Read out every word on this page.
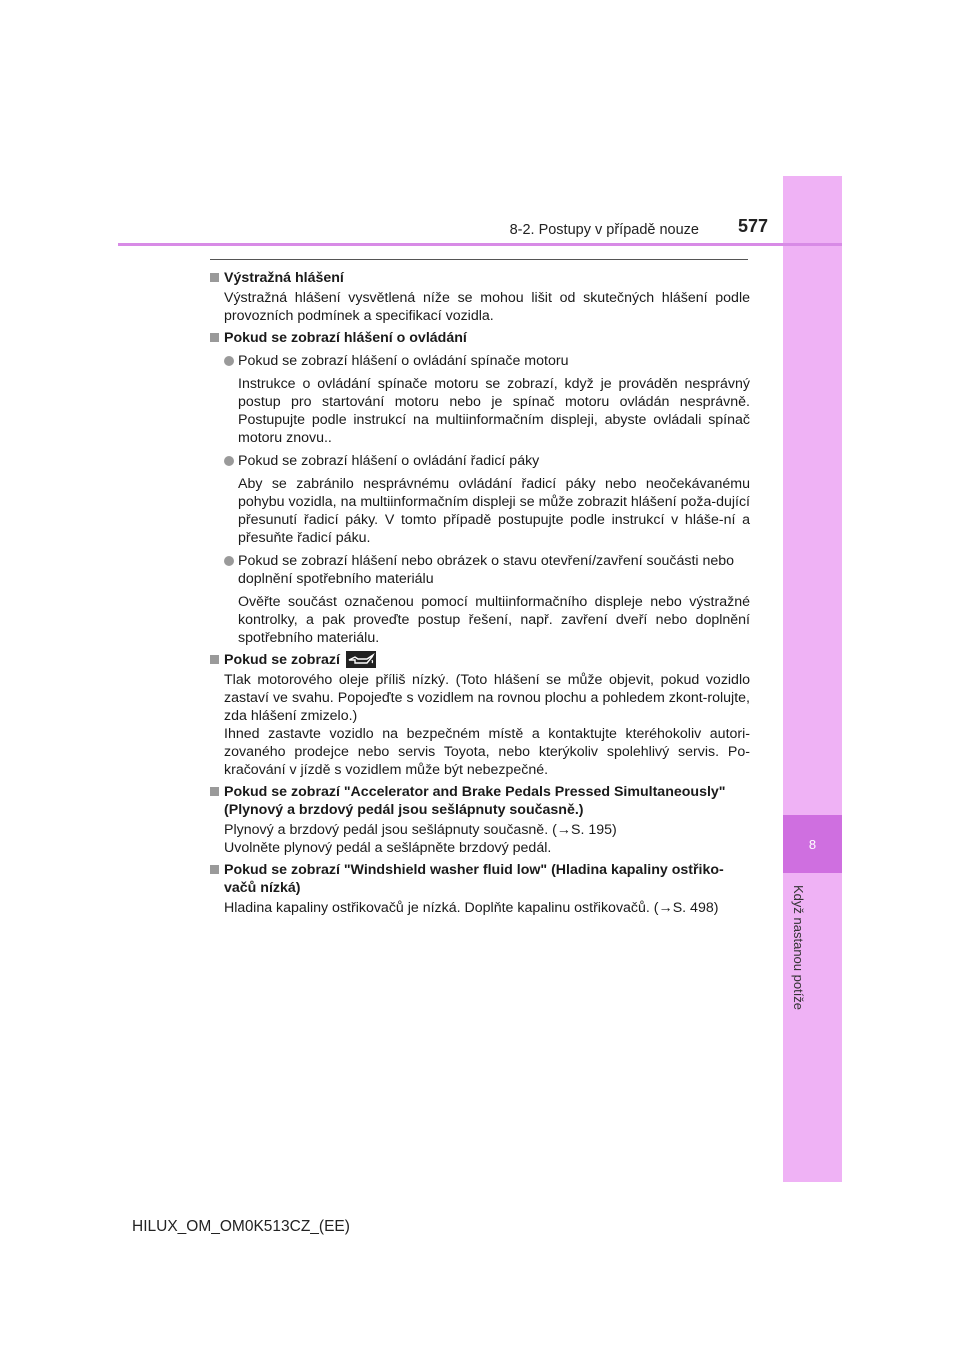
8
Když nastanou potíže
8-2. Postupy v případě nouze 577
Výstražná hlášení
Výstražná hlášení vysvětlená níže se mohou lišit od skutečných hlášení podle provozních podmínek a specifikací vozidla.
Pokud se zobrazí hlášení o ovládání
Pokud se zobrazí hlášení o ovládání spínače motoru
Instrukce o ovládání spínače motoru se zobrazí, když je prováděn nesprávný postup pro startování motoru nebo je spínač motoru ovládán nesprávně. Postupujte podle instrukcí na multiinformačním displeji, abyste ovládali spínač motoru znovu..
Pokud se zobrazí hlášení o ovládání řadicí páky
Aby se zabránilo nesprávnému ovládání řadicí páky nebo neočekávanému pohybu vozidla, na multiinformačním displeji se může zobrazit hlášení poža-dující přesunutí řadicí páky. V tomto případě postupujte podle instrukcí v hláše-ní a přesuňte řadicí páku.
Pokud se zobrazí hlášení nebo obrázek o stavu otevření/zavření součásti nebo doplnění spotřebního materiálu
Ověřte součást označenou pomocí multiinformačního displeje nebo výstražné kontrolky, a pak proveďte postup řešení, např. zavření dveří nebo doplnění spotřebního materiálu.
Pokud se zobrazí
Tlak motorového oleje příliš nízký. (Toto hlášení se může objevit, pokud vozidlo zastaví ve svahu. Popojeďte s vozidlem na rovnou plochu a pohledem zkont-rolujte, zda hlášení zmizelo.)
Ihned zastavte vozidlo na bezpečném místě a kontaktujte kteréhokoliv autori-zovaného prodejce nebo servis Toyota, nebo kterýkoliv spolehlivý servis. Po-kračování v jízdě s vozidlem může být nebezpečné.
Pokud se zobrazí "Accelerator and Brake Pedals Pressed Simultaneously" (Plynový a brzdový pedál jsou sešlápnuty současně.)
Plynový a brzdový pedál jsou sešlápnuty současně. (→S. 195)
Uvolněte plynový pedál a sešlápněte brzdový pedál.
Pokud se zobrazí "Windshield washer fluid low" (Hladina kapaliny ostřiko-vačů nízká)
Hladina kapaliny ostřikovačů je nízká. Doplňte kapalinu ostřikovačů. (→S. 498)
HILUX_OM_OM0K513CZ_(EE)
